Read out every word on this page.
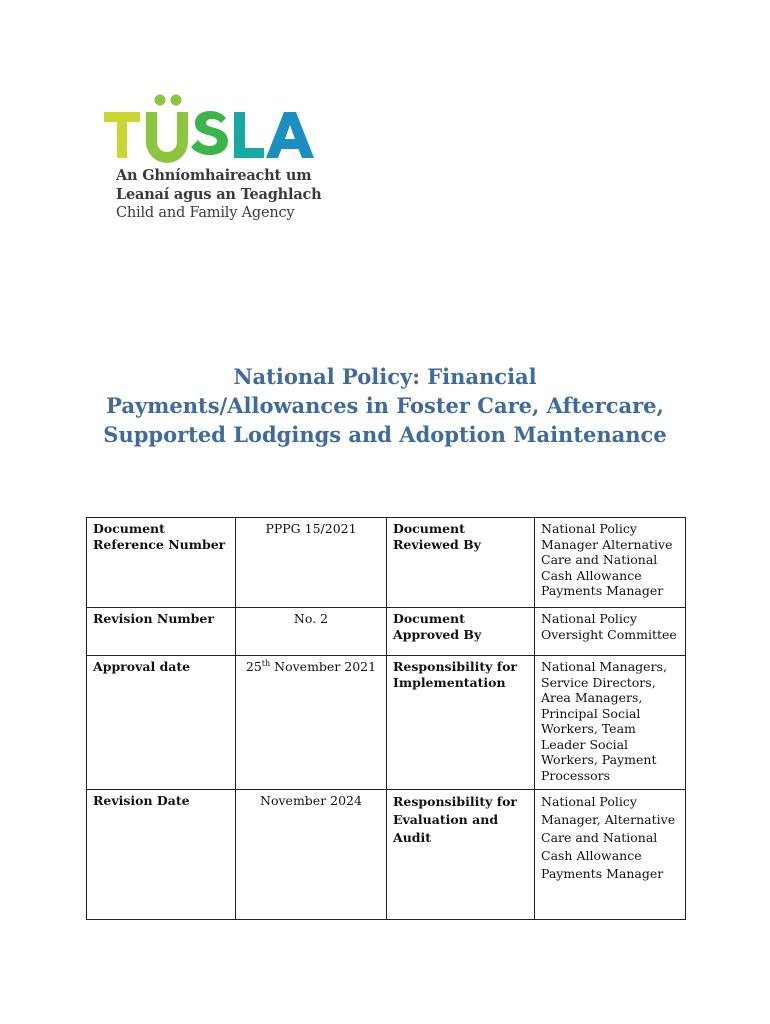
An Ghníomhaireacht um
Leanaí agus an Teaghlach
Child and Family Agency
National Policy: Financial
Payments/Allowances in Foster Care, Aftercare,
Supported Lodgings and Adoption Maintenance
Document Reference Number	PPPG 15/2021	Document Reviewed By	National Policy Manager Alternative Care and National Cash Allowance Payments Manager
Revision Number	No. 2	Document Approved By	National Policy Oversight Committee
Approval date	25th November 2021	Responsibility for Implementation	National Managers, Service Directors, Area Managers, Principal Social Workers, Team Leader Social Workers, Payment Processors
Revision Date	November 2024	Responsibility for Evaluation and Audit	National Policy Manager, Alternative Care and National Cash Allowance Payments Manager
